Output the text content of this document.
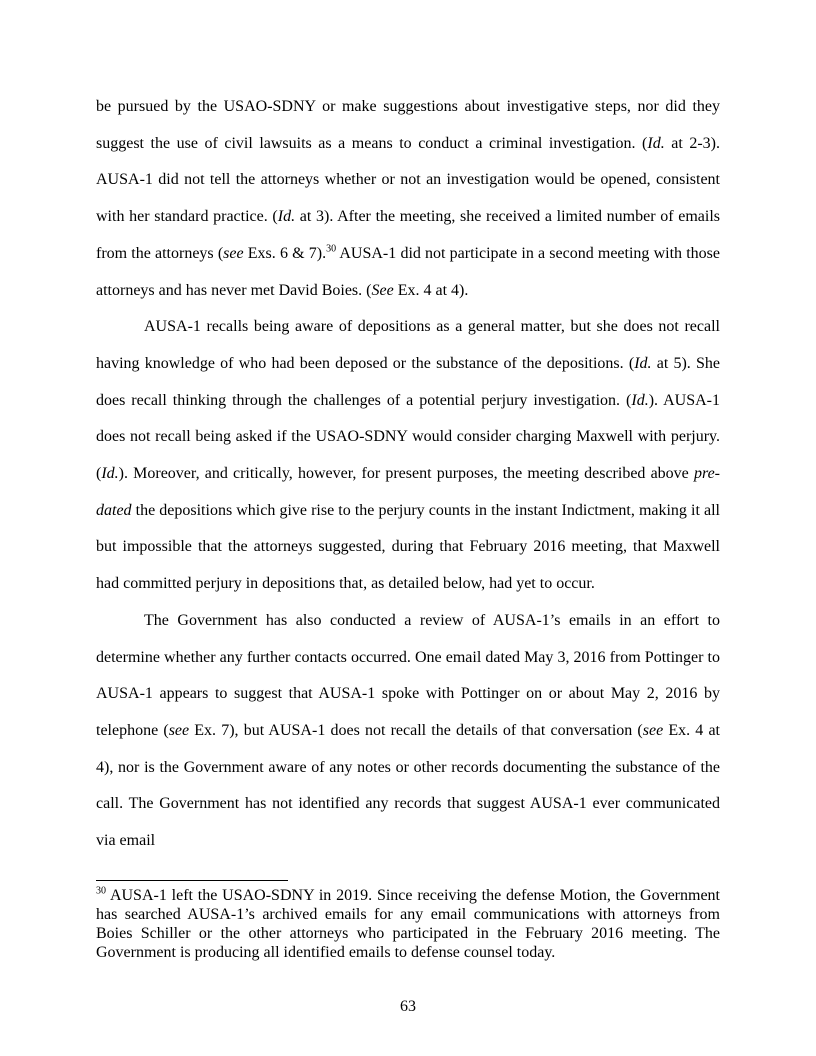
be pursued by the USAO-SDNY or make suggestions about investigative steps, nor did they suggest the use of civil lawsuits as a means to conduct a criminal investigation. (Id. at 2-3). AUSA-1 did not tell the attorneys whether or not an investigation would be opened, consistent with her standard practice. (Id. at 3). After the meeting, she received a limited number of emails from the attorneys (see Exs. 6 & 7).$^{30}$ AUSA-1 did not participate in a second meeting with those attorneys and has never met David Boies. (See Ex. 4 at 4).

AUSA-1 recalls being aware of depositions as a general matter, but she does not recall having knowledge of who had been deposed or the substance of the depositions. (Id. at 5). She does recall thinking through the challenges of a potential perjury investigation. (Id.). AUSA-1 does not recall being asked if the USAO-SDNY would consider charging Maxwell with perjury. (Id.). Moreover, and critically, however, for present purposes, the meeting described above pre-dated the depositions which give rise to the perjury counts in the instant Indictment, making it all but impossible that the attorneys suggested, during that February 2016 meeting, that Maxwell had committed perjury in depositions that, as detailed below, had yet to occur.

The Government has also conducted a review of AUSA-1’s emails in an effort to determine whether any further contacts occurred. One email dated May 3, 2016 from Pottinger to AUSA-1 appears to suggest that AUSA-1 spoke with Pottinger on or about May 2, 2016 by telephone (see Ex. 7), but AUSA-1 does not recall the details of that conversation (see Ex. 4 at 4), nor is the Government aware of any notes or other records documenting the substance of the call. The Government has not identified any records that suggest AUSA-1 ever communicated via email

$^{30}$ AUSA-1 left the USAO-SDNY in 2019. Since receiving the defense Motion, the Government has searched AUSA-1’s archived emails for any email communications with attorneys from Boies Schiller or the other attorneys who participated in the February 2016 meeting. The Government is producing all identified emails to defense counsel today.

63
